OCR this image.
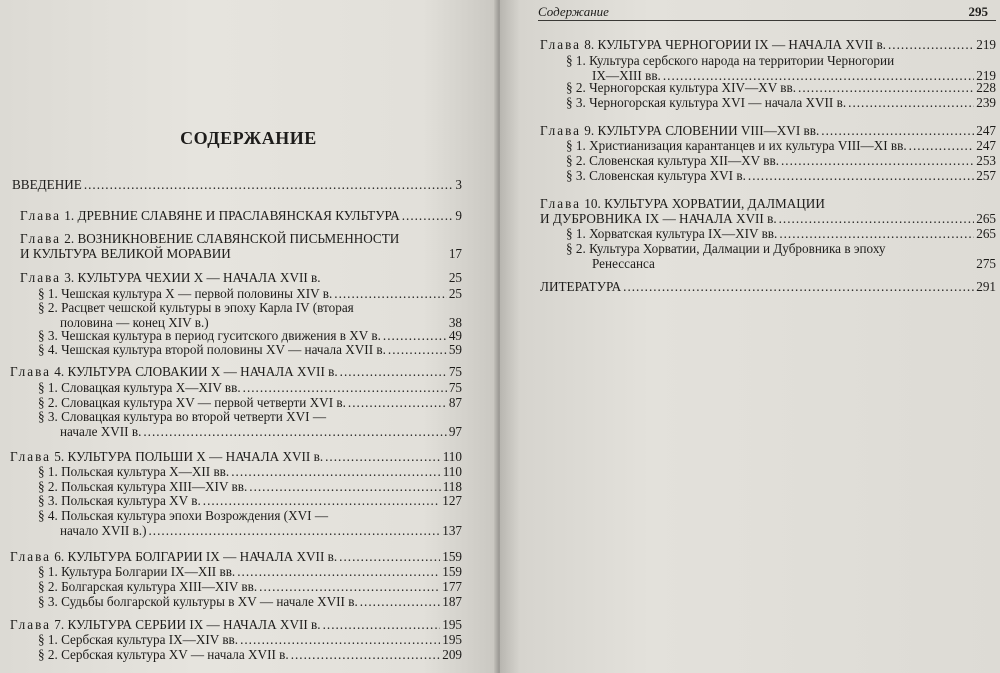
СОДЕРЖАНИЕ
ВВЕДЕНИЕ .....	3
Глава 1. ДРЕВНИЕ СЛАВЯНЕ И ПРАСЛАВЯНСКАЯ КУЛЬТУРА .....	9
Глава 2. ВОЗНИКНОВЕНИЕ СЛАВЯНСКОЙ ПИСЬМЕННОСТИ
И КУЛЬТУРА ВЕЛИКОЙ МОРАВИИ	17
Глава 3. КУЛЬТУРА ЧЕХИИ X — НАЧАЛА XVII в.	25
§ 1. Чешская культура X — первой половины XIV в. .....	25
§ 2. Расцвет чешской культуры в эпоху Карла IV (вторая
половина — конец XIV в.)	38
§ 3. Чешская культура в период гуситского движения в XV в. .....	49
§ 4. Чешская культура второй половины XV — начала XVII в. .....	59
Глава 4. КУЛЬТУРА СЛОВАКИИ X — НАЧАЛА XVII в. .....	75
§ 1. Словацкая культура X—XIV вв. .....	75
§ 2. Словацкая культура XV — первой четверти XVI в. .....	87
§ 3. Словацкая культура во второй четверти XVI —
начале XVII в. .....	97
Глава 5. КУЛЬТУРА ПОЛЬШИ X — НАЧАЛА XVII в. .....	110
§ 1. Польская культура X—XII вв. .....	110
§ 2. Польская культура XIII—XIV вв. .....	118
§ 3. Польская культура XV в. .....	127
§ 4. Польская культура эпохи Возрождения (XVI —
начало XVII в.) .....	137
Глава 6. КУЛЬТУРА БОЛГАРИИ IX — НАЧАЛА XVII в. .....	159
§ 1. Культура Болгарии IX—XII вв. .....	159
§ 2. Болгарская культура XIII—XIV вв. .....	177
§ 3. Судьбы болгарской культуры в XV — начале XVII в. .....	187
Глава 7. КУЛЬТУРА СЕРБИИ IX — НАЧАЛА XVII в. .....	195
§ 1. Сербская культура IX—XIV вв. .....	195
§ 2. Сербская культура XV — начала XVII в. .....	209
Содержание	295
Глава 8. КУЛЬТУРА ЧЕРНОГОРИИ IX — НАЧАЛА XVII в. .....	219
§ 1. Культура сербского народа на территории Черногории
IX—XIII вв. .....	219
§ 2. Черногорская культура XIV—XV вв. .....	228
§ 3. Черногорская культура XVI — начала XVII в. .....	239
Глава 9. КУЛЬТУРА СЛОВЕНИИ VIII—XVI вв. .....	247
§ 1. Христианизация карантанцев и их культура VIII—XI вв. .....	247
§ 2. Словенская культура XII—XV вв. .....	253
§ 3. Словенская культура XVI в. .....	257
Глава 10. КУЛЬТУРА ХОРВАТИИ, ДАЛМАЦИИ
И ДУБРОВНИКА IX — НАЧАЛА XVII в. .....	265
§ 1. Хорватская культура IX—XIV вв. .....	265
§ 2. Культура Хорватии, Далмации и Дубровника в эпоху
Ренессанса	275
ЛИТЕРАТУРА .....	291
